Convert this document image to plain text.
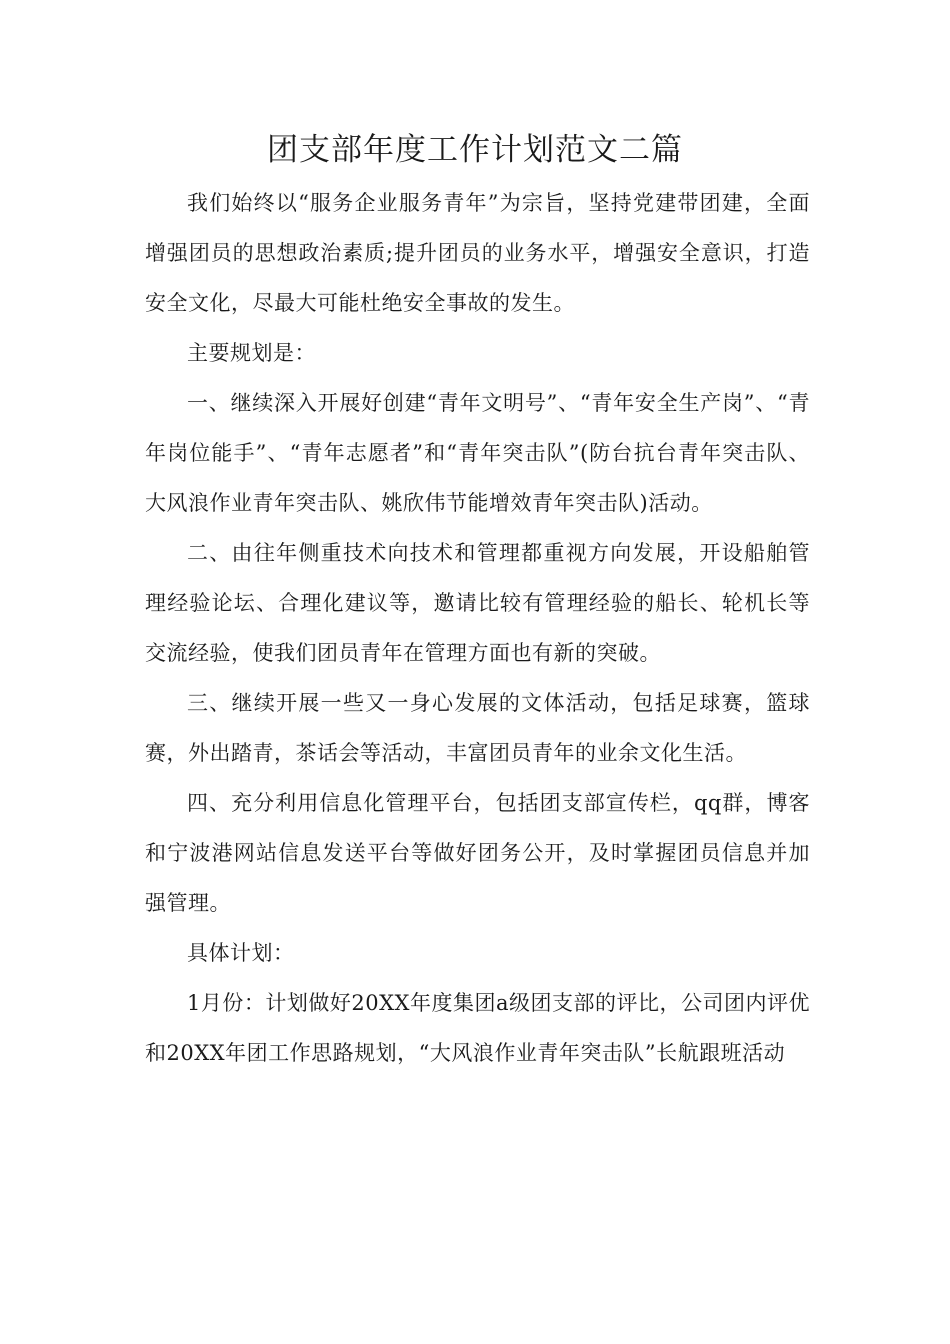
团支部年度工作计划范文二篇

我们始终以“服务企业服务青年”为宗旨，坚持党建带团建，全面增强团员的思想政治素质;提升团员的业务水平，增强安全意识，打造安全文化，尽最大可能杜绝安全事故的发生。

主要规划是：

一、继续深入开展好创建“青年文明号”、“青年安全生产岗”、“青年岗位能手”、“青年志愿者”和“青年突击队”(防台抗台青年突击队、大风浪作业青年突击队、姚欣伟节能增效青年突击队)活动。

二、由往年侧重技术向技术和管理都重视方向发展，开设船舶管理经验论坛、合理化建议等，邀请比较有管理经验的船长、轮机长等交流经验，使我们团员青年在管理方面也有新的突破。

三、继续开展一些又一身心发展的文体活动，包括足球赛，篮球赛，外出踏青，茶话会等活动，丰富团员青年的业余文化生活。

四、充分利用信息化管理平台，包括团支部宣传栏，qq群，博客和宁波港网站信息发送平台等做好团务公开，及时掌握团员信息并加强管理。

具体计划：

1月份：计划做好20XX年度集团a级团支部的评比，公司团内评优和20XX年团工作思路规划，“大风浪作业青年突击队”长航跟班活动
